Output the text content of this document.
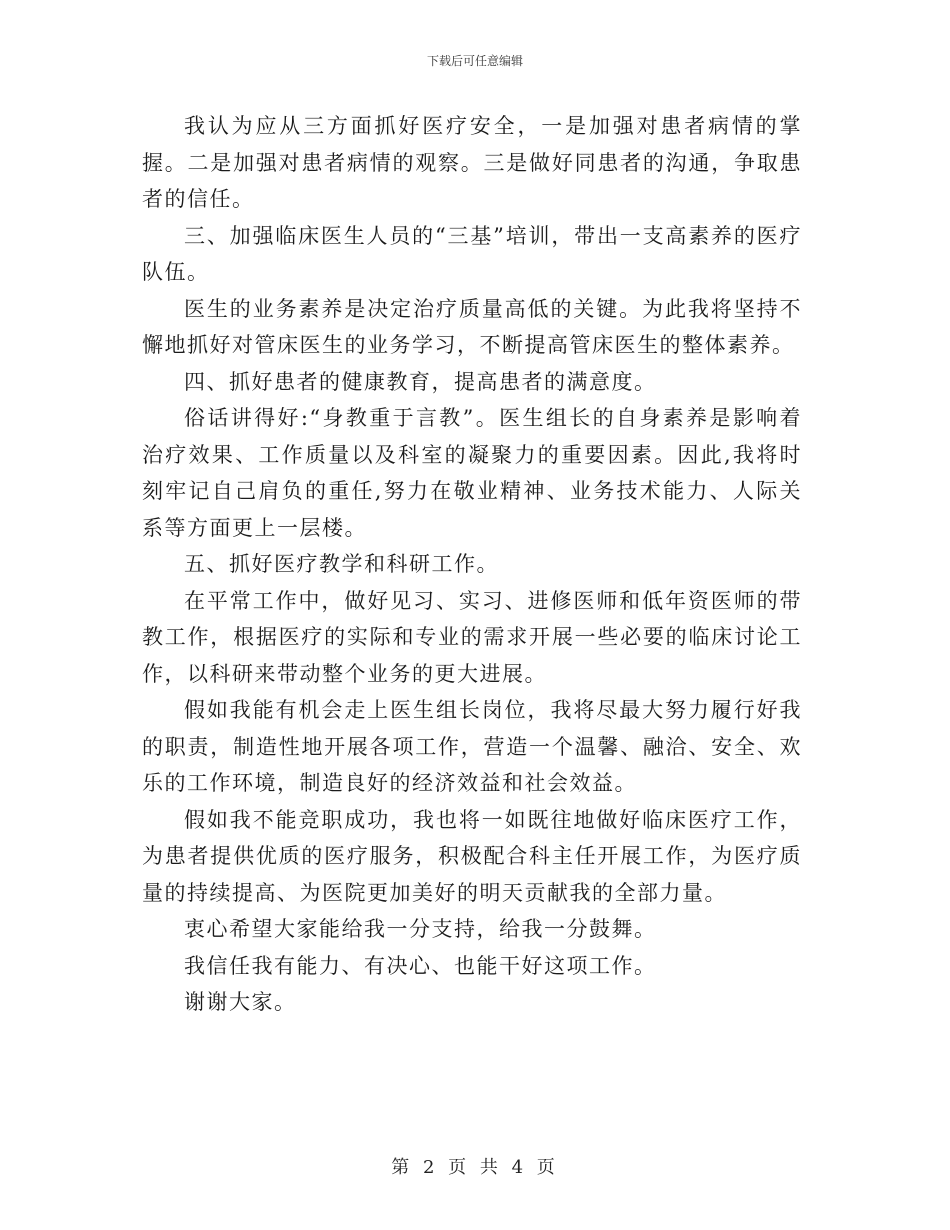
下载后可任意编辑

我认为应从三方面抓好医疗安全，一是加强对患者病情的掌握。二是加强对患者病情的观察。三是做好同患者的沟通，争取患者的信任。

三、加强临床医生人员的“三基”培训，带出一支高素养的医疗队伍。

医生的业务素养是决定治疗质量高低的关键。为此我将坚持不懈地抓好对管床医生的业务学习，不断提高管床医生的整体素养。

四、抓好患者的健康教育，提高患者的满意度。

俗话讲得好:“身教重于言教”。医生组长的自身素养是影响着治疗效果、工作质量以及科室的凝聚力的重要因素。因此,我将时刻牢记自己肩负的重任,努力在敬业精神、业务技术能力、人际关系等方面更上一层楼。

五、抓好医疗教学和科研工作。

在平常工作中，做好见习、实习、进修医师和低年资医师的带教工作，根据医疗的实际和专业的需求开展一些必要的临床讨论工作，以科研来带动整个业务的更大进展。

假如我能有机会走上医生组长岗位，我将尽最大努力履行好我的职责，制造性地开展各项工作，营造一个温馨、融洽、安全、欢乐的工作环境，制造良好的经济效益和社会效益。

假如我不能竞职成功，我也将一如既往地做好临床医疗工作，为患者提供优质的医疗服务，积极配合科主任开展工作，为医疗质量的持续提高、为医院更加美好的明天贡献我的全部力量。

衷心希望大家能给我一分支持，给我一分鼓舞。

我信任我有能力、有决心、也能干好这项工作。

谢谢大家。

第 2 页 共 4 页
